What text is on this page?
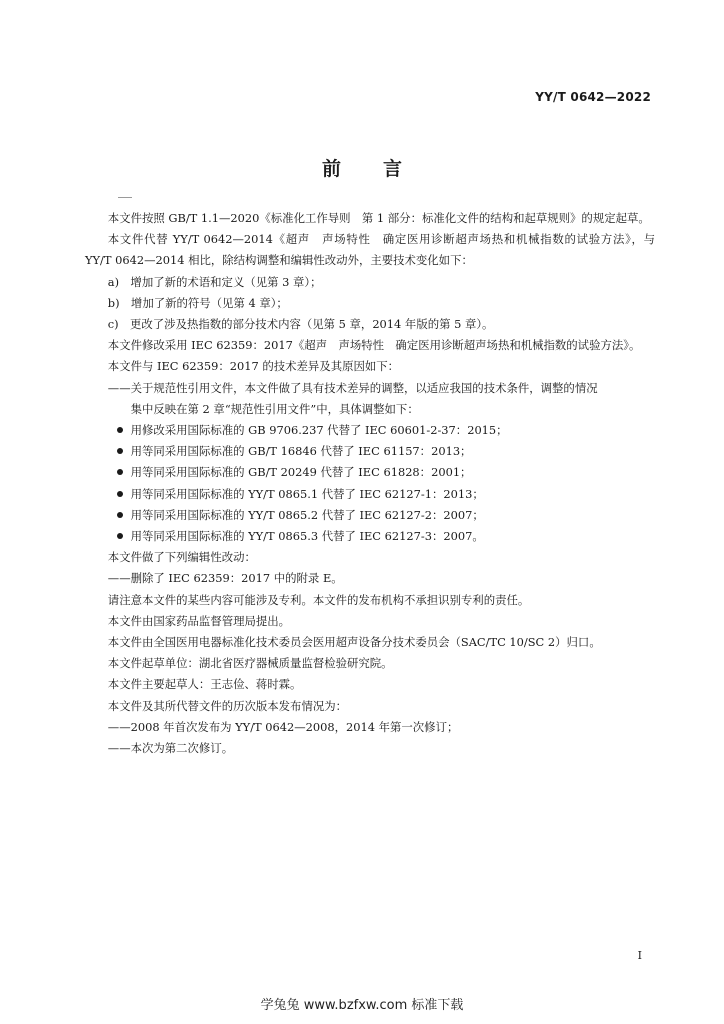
YY/T 0642—2022
前言

本文件按照 GB/T 1.1—2020《标准化工作导则　第 1 部分：标准化文件的结构和起草规则》的规定起草。

本文件代替 YY/T 0642—2014《超声　声场特性　确定医用诊断超声场热和机械指数的试验方法》，与 YY/T 0642—2014 相比，除结构调整和编辑性改动外，主要技术变化如下：

a)　增加了新的术语和定义（见第 3 章）；

b)　增加了新的符号（见第 4 章）；

c)　更改了涉及热指数的部分技术内容（见第 5 章，2014 年版的第 5 章）。

本文件修改采用 IEC 62359：2017《超声　声场特性　确定医用诊断超声场热和机械指数的试验方法》。

本文件与 IEC 62359：2017 的技术差异及其原因如下：

——关于规范性引用文件，本文件做了具有技术差异的调整，以适应我国的技术条件，调整的情况

集中反映在第 2 章“规范性引用文件”中，具体调整如下：

用修改采用国际标准的 GB 9706.237 代替了 IEC 60601-2-37：2015；
用等同采用国际标准的 GB/T 16846 代替了 IEC 61157：2013；
用等同采用国际标准的 GB/T 20249 代替了 IEC 61828：2001；
用等同采用国际标准的 YY/T 0865.1 代替了 IEC 62127-1：2013；
用等同采用国际标准的 YY/T 0865.2 代替了 IEC 62127-2：2007；
用等同采用国际标准的 YY/T 0865.3 代替了 IEC 62127-3：2007。

本文件做了下列编辑性改动：

——删除了 IEC 62359：2017 中的附录 E。

请注意本文件的某些内容可能涉及专利。本文件的发布机构不承担识别专利的责任。

本文件由国家药品监督管理局提出。

本文件由全国医用电器标准化技术委员会医用超声设备分技术委员会（SAC/TC 10/SC 2）归口。

本文件起草单位：湖北省医疗器械质量监督检验研究院。

本文件主要起草人：王志俭、蒋时霖。

本文件及其所代替文件的历次版本发布情况为：

——2008 年首次发布为 YY/T 0642—2008，2014 年第一次修订；

——本次为第二次修订。

I
学兔兔 www.bzfxw.com 标准下载
